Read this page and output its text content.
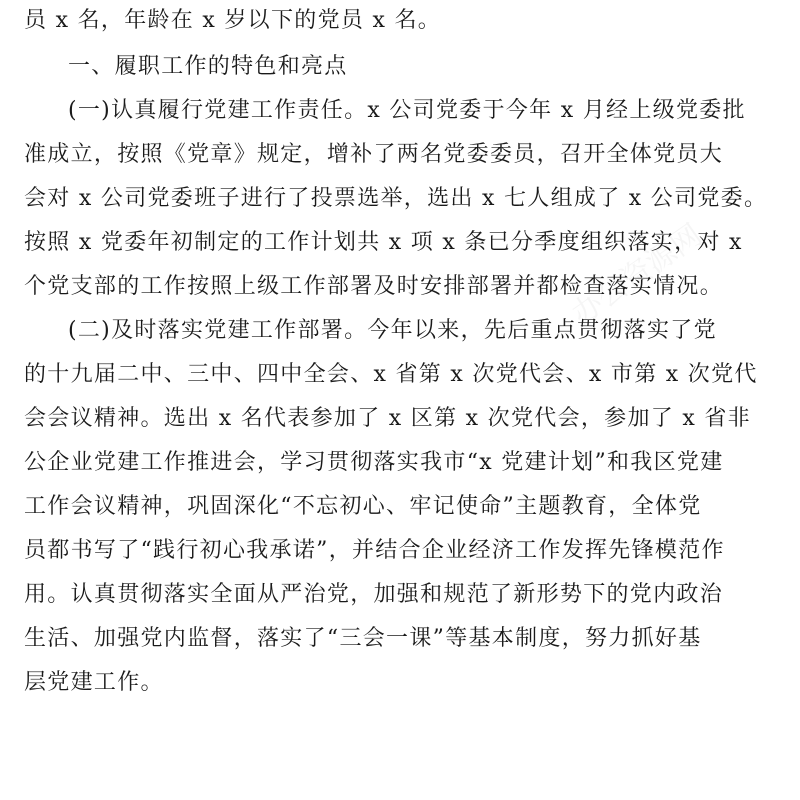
办公资源网
员 x 名，年龄在 x 岁以下的党员 x 名。
一、履职工作的特色和亮点
(一)认真履行党建工作责任。x 公司党委于今年 x 月经上级党委批
准成立，按照《党章》规定，增补了两名党委委员，召开全体党员大
会对 x 公司党委班子进行了投票选举，选出 x 七人组成了 x 公司党委。
按照 x 党委年初制定的工作计划共 x 项 x 条已分季度组织落实，对 x
个党支部的工作按照上级工作部署及时安排部署并都检查落实情况。
(二)及时落实党建工作部署。今年以来，先后重点贯彻落实了党
的十九届二中、三中、四中全会、x 省第 x 次党代会、x 市第 x 次党代
会会议精神。选出 x 名代表参加了 x 区第 x 次党代会，参加了 x 省非
公企业党建工作推进会，学习贯彻落实我市“x 党建计划”和我区党建
工作会议精神，巩固深化“不忘初心、牢记使命”主题教育，全体党
员都书写了“践行初心我承诺”，并结合企业经济工作发挥先锋模范作
用。认真贯彻落实全面从严治党，加强和规范了新形势下的党内政治
生活、加强党内监督，落实了“三会一课”等基本制度，努力抓好基
层党建工作。
